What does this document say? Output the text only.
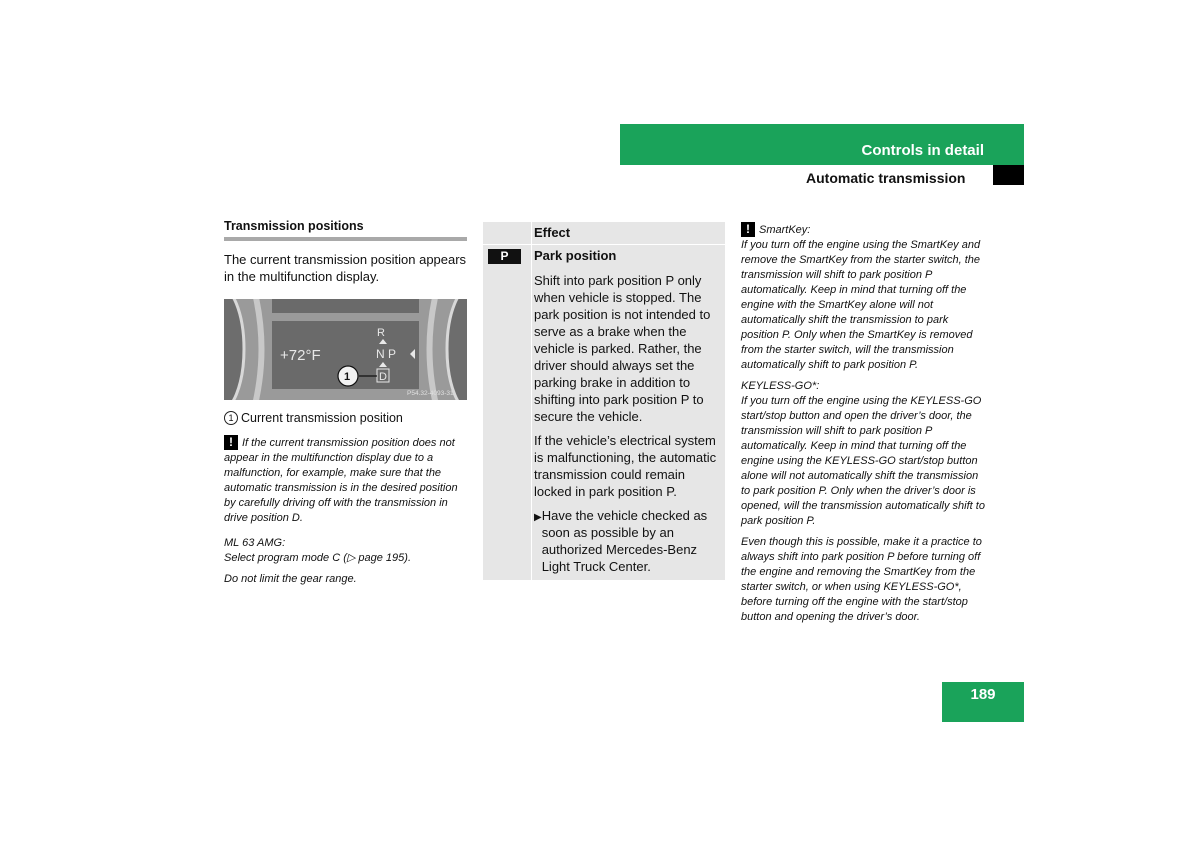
Controls in detail
Automatic transmission
Transmission positions
The current transmission position appears in the multifunction display.
+72°F
R
N P
D
1
P54.32-4093-31
1 Current transmission position
! If the current transmission position does not appear in the multifunction display due to a malfunction, for example, make sure that the automatic transmission is in the desired position by carefully driving off with the transmission in drive position D.
ML 63 AMG:
Select program mode C (▷ page 195).
Do not limit the gear range.
Effect
P	Park position

Shift into park position P only when vehicle is stopped. The park position is not intended to serve as a brake when the vehicle is parked. Rather, the driver should always set the parking brake in addition to shifting into park position P to secure the vehicle.

If the vehicle’s electrical system is malfunctioning, the automatic transmission could remain locked in park position P.

▶ Have the vehicle checked as soon as possible by an authorized Mercedes-Benz Light Truck Center.

! SmartKey:

If you turn off the engine using the SmartKey and remove the SmartKey from the starter switch, the transmission will shift to park position P automatically. Keep in mind that turning off the engine with the SmartKey alone will not automatically shift the transmission to park position P. Only when the SmartKey is removed from the starter switch, will the transmission automatically shift to park position P.

KEYLESS-GO*:

If you turn off the engine using the KEYLESS-GO start/stop button and open the driver’s door, the transmission will shift to park position P automatically. Keep in mind that turning off the engine using the KEYLESS-GO start/stop button alone will not automatically shift the transmission to park position P. Only when the driver’s door is opened, will the transmission automatically shift to park position P.

Even though this is possible, make it a practice to always shift into park position P before turning off the engine and removing the SmartKey from the starter switch, or when using KEYLESS-GO*, before turning off the engine with the start/stop button and opening the driver’s door.

189
